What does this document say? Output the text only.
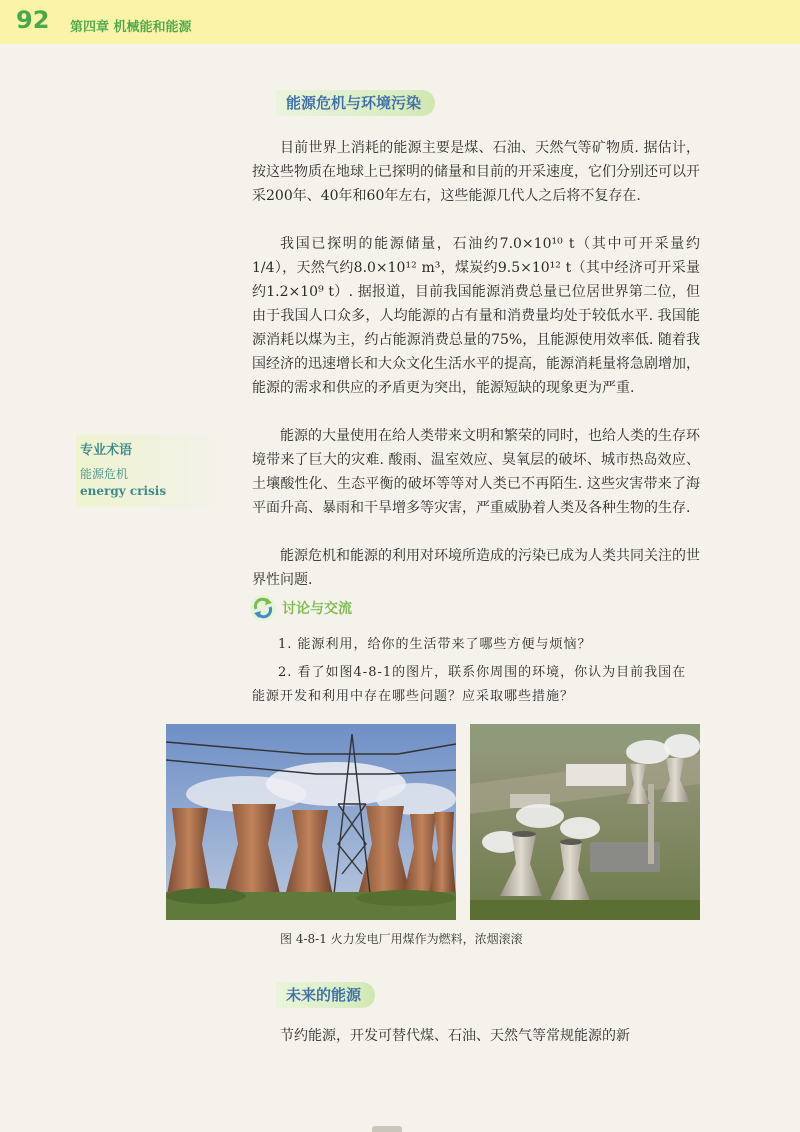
92 第四章 机械能和能源
能源危机与环境污染

目前世界上消耗的能源主要是煤、石油、天然气等矿物质. 据估计，按这些物质在地球上已探明的储量和目前的开采速度，它们分别还可以开采200年、40年和60年左右，这些能源几代人之后将不复存在.

我国已探明的能源储量，石油约7.0×10¹⁰ t（其中可开采量约1/4），天然气约8.0×10¹² m³，煤炭约9.5×10¹² t（其中经济可开采量约1.2×10⁹ t）. 据报道，目前我国能源消费总量已位居世界第二位，但由于我国人口众多，人均能源的占有量和消费量均处于较低水平. 我国能源消耗以煤为主，约占能源消费总量的75%，且能源使用效率低. 随着我国经济的迅速增长和大众文化生活水平的提高，能源消耗量将急剧增加，能源的需求和供应的矛盾更为突出，能源短缺的现象更为严重.

能源的大量使用在给人类带来文明和繁荣的同时，也给人类的生存环境带来了巨大的灾难. 酸雨、温室效应、臭氧层的破坏、城市热岛效应、土壤酸性化、生态平衡的破坏等等对人类已不再陌生. 这些灾害带来了海平面升高、暴雨和干旱增多等灾害，严重威胁着人类及各种生物的生存.

能源危机和能源的利用对环境所造成的污染已成为人类共同关注的世界性问题.

专业术语
能源危机
energy crisis
讨论与交流

1. 能源利用，给你的生活带来了哪些方便与烦恼？

2. 看了如图4-8-1的图片，联系你周围的环境，你认为目前我国在能源开发和利用中存在哪些问题？应采取哪些措施？

图 4-8-1 火力发电厂用煤作为燃料，浓烟滚滚
未来的能源

节约能源，开发可替代煤、石油、天然气等常规能源的新
